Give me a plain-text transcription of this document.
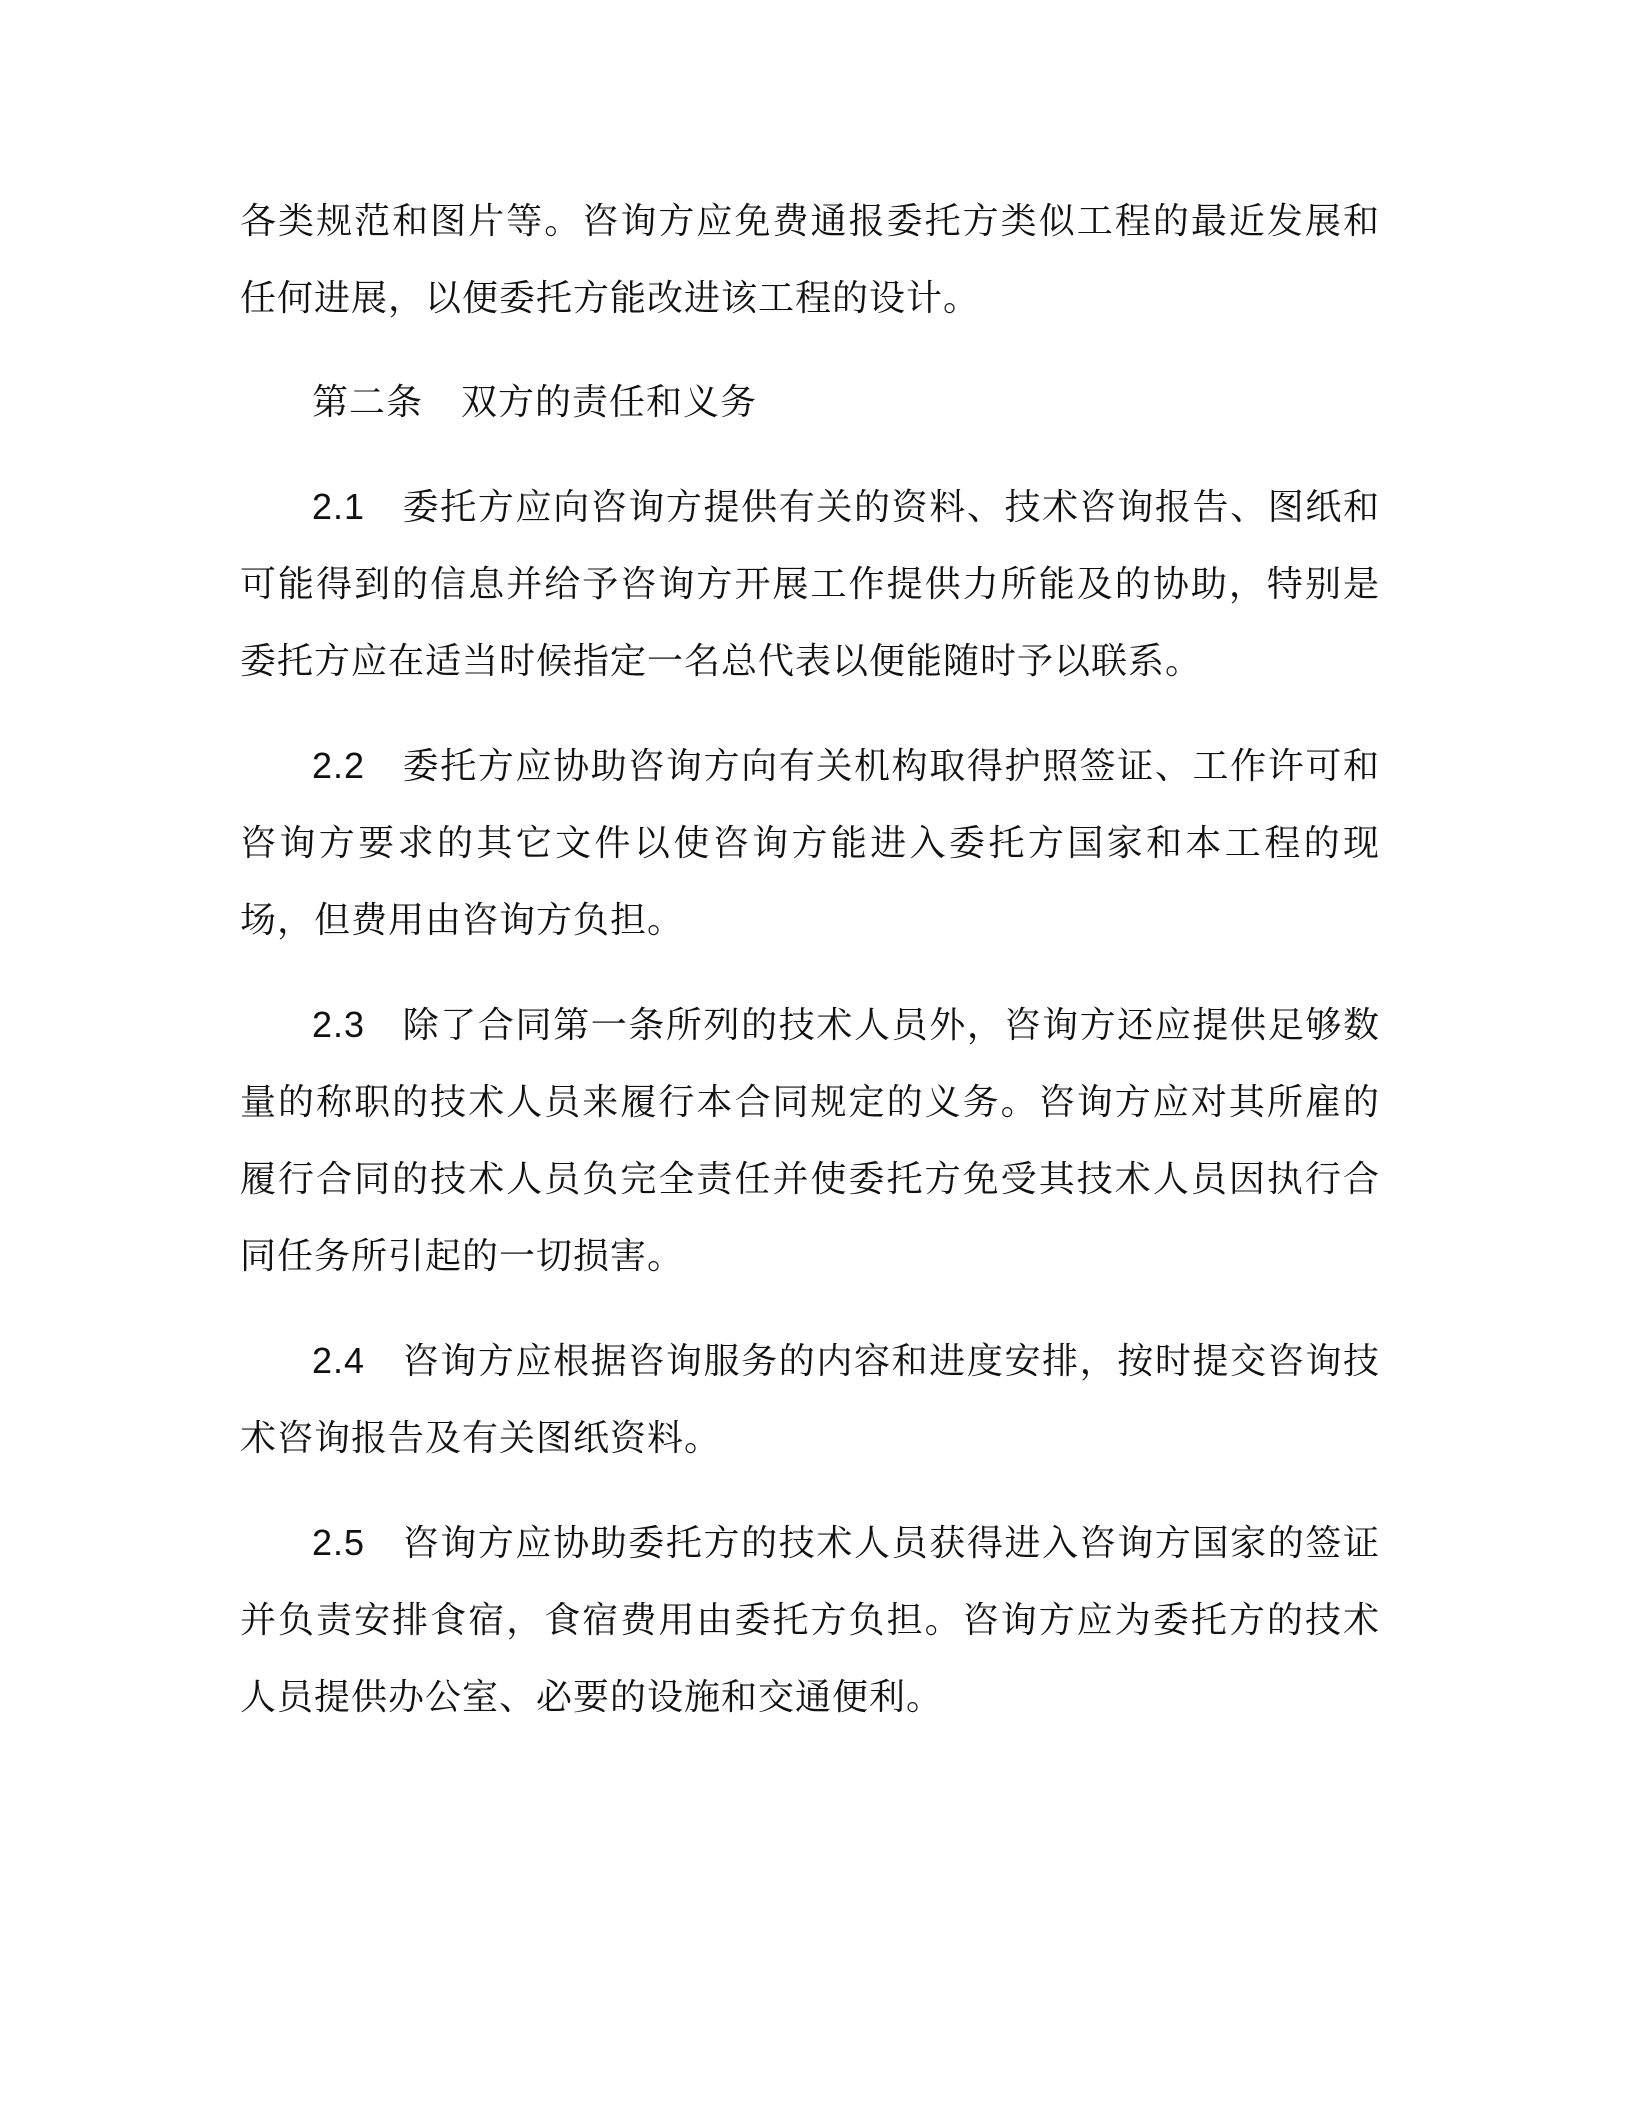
各类规范和图片等。咨询方应免费通报委托方类似工程的最近发展和任何进展，以便委托方能改进该工程的设计。

第二条 双方的责任和义务

2.1 委托方应向咨询方提供有关的资料、技术咨询报告、图纸和可能得到的信息并给予咨询方开展工作提供力所能及的协助，特别是委托方应在适当时候指定一名总代表以便能随时予以联系。

2.2 委托方应协助咨询方向有关机构取得护照签证、工作许可和咨询方要求的其它文件以使咨询方能进入委托方国家和本工程的现场，但费用由咨询方负担。

2.3 除了合同第一条所列的技术人员外，咨询方还应提供足够数量的称职的技术人员来履行本合同规定的义务。咨询方应对其所雇的履行合同的技术人员负完全责任并使委托方免受其技术人员因执行合同任务所引起的一切损害。

2.4 咨询方应根据咨询服务的内容和进度安排，按时提交咨询技术咨询报告及有关图纸资料。

2.5 咨询方应协助委托方的技术人员获得进入咨询方国家的签证并负责安排食宿，食宿费用由委托方负担。咨询方应为委托方的技术人员提供办公室、必要的设施和交通便利。
